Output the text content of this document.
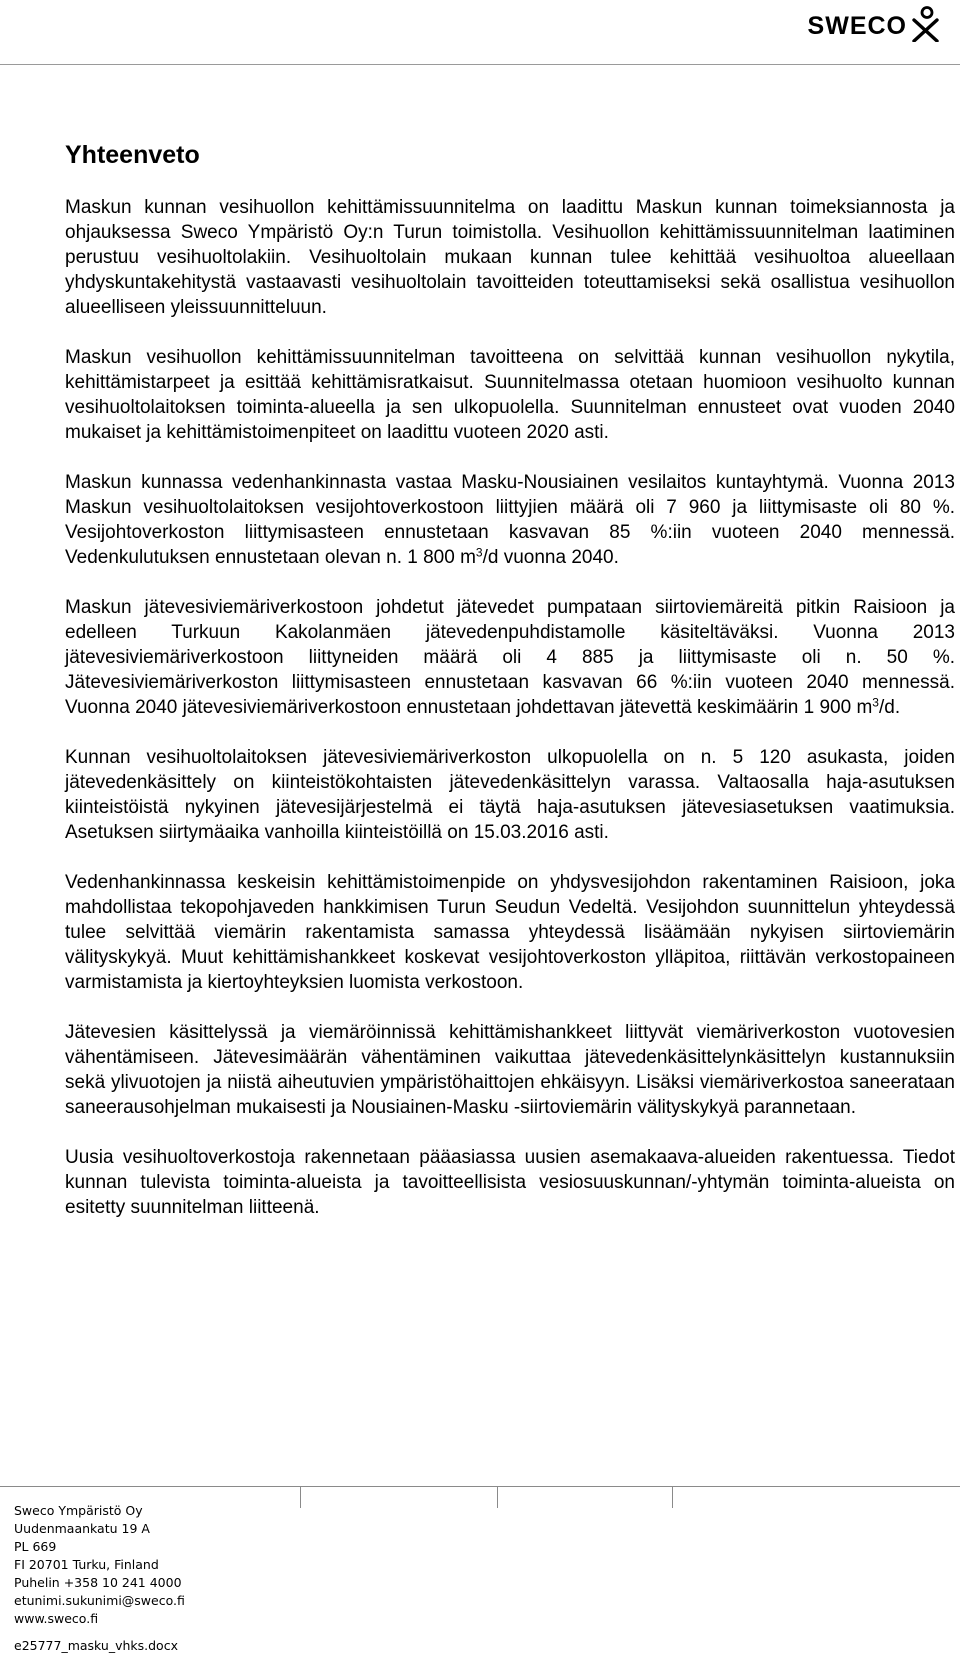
SWECO
Yhteenveto

Maskun kunnan vesihuollon kehittämissuunnitelma on laadittu Maskun kunnan toimeksiannosta ja ohjauksessa Sweco Ympäristö Oy:n Turun toimistolla. Vesihuollon kehittämissuunnitelman laatiminen perustuu vesihuoltolakiin. Vesihuoltolain mukaan kunnan tulee kehittää vesihuoltoa alueellaan yhdyskuntakehitystä vastaavasti vesihuoltolain tavoitteiden toteuttamiseksi sekä osallistua vesihuollon alueelliseen yleissuunnitteluun.

Maskun vesihuollon kehittämissuunnitelman tavoitteena on selvittää kunnan vesihuollon nykytila, kehittämistarpeet ja esittää kehittämisratkaisut. Suunnitelmassa otetaan huomioon vesihuolto kunnan vesihuoltolaitoksen toiminta-alueella ja sen ulkopuolella. Suunnitelman ennusteet ovat vuoden 2040 mukaiset ja kehittämistoimenpiteet on laadittu vuoteen 2020 asti.

Maskun kunnassa vedenhankinnasta vastaa Masku-Nousiainen vesilaitos kuntayhtymä. Vuonna 2013 Maskun vesihuoltolaitoksen vesijohtoverkostoon liittyjien määrä oli 7 960 ja liittymisaste oli 80 %. Vesijohtoverkoston liittymisasteen ennustetaan kasvavan 85 %:iin vuoteen 2040 mennessä. Vedenkulutuksen ennustetaan olevan n. 1 800 $m^3/d$ vuonna 2040.

Maskun jätevesiviemäriverkostoon johdetut jätevedet pumpataan siirtoviemäreitä pitkin Raisioon ja edelleen Turkuun Kakolanmäen jätevedenpuhdistamolle käsiteltäväksi. Vuonna 2013 jätevesiviemäriverkostoon liittyneiden määrä oli 4 885 ja liittymisaste oli n. 50 %. Jätevesiviemäriverkoston liittymisasteen ennustetaan kasvavan 66 %:iin vuoteen 2040 mennessä. Vuonna 2040 jätevesiviemäriverkostoon ennustetaan johdettavan jätevettä keskimäärin 1 900 $m^3/d$.

Kunnan vesihuoltolaitoksen jätevesiviemäriverkoston ulkopuolella on n. 5 120 asukasta, joiden jätevedenkäsittely on kiinteistökohtaisten jätevedenkäsittelyn varassa. Valtaosalla haja-asutuksen kiinteistöistä nykyinen jätevesijärjestelmä ei täytä haja-asutuksen jätevesiasetuksen vaatimuksia. Asetuksen siirtymäaika vanhoilla kiinteistöillä on 15.03.2016 asti.

Vedenhankinnassa keskeisin kehittämistoimenpide on yhdysvesijohdon rakentaminen Raisioon, joka mahdollistaa tekopohjaveden hankkimisen Turun Seudun Vedeltä. Vesijohdon suunnittelun yhteydessä tulee selvittää viemärin rakentamista samassa yhteydessä lisäämään nykyisen siirtoviemärin välityskykyä. Muut kehittämishankkeet koskevat vesijohtoverkoston ylläpitoa, riittävän verkostopaineen varmistamista ja kiertoyhteyksien luomista verkostoon.

Jätevesien käsittelyssä ja viemäröinnissä kehittämishankkeet liittyvät viemäriverkoston vuotovesien vähentämiseen. Jätevesimäärän vähentäminen vaikuttaa jätevedenkäsittelynkäsittelyn kustannuksiin sekä ylivuotojen ja niistä aiheutuvien ympäristöhaittojen ehkäisyyn. Lisäksi viemäriverkostoa saneerataan saneerausohjelman mukaisesti ja Nousiainen-Masku -siirtoviemärin välityskykyä parannetaan.

Uusia vesihuoltoverkostoja rakennetaan pääasiassa uusien asemakaava-alueiden rakentuessa. Tiedot kunnan tulevista toiminta-alueista ja tavoitteellisista vesiosuuskunnan/-yhtymän toiminta-alueista on esitetty suunnitelman liitteenä.

Sweco Ympäristö Oy
Uudenmaankatu 19 A
PL 669
FI 20701 Turku, Finland
Puhelin +358 10 241 4000
etunimi.sukunimi@sweco.fi
www.sweco.fi
e25777_masku_vhks.docx
